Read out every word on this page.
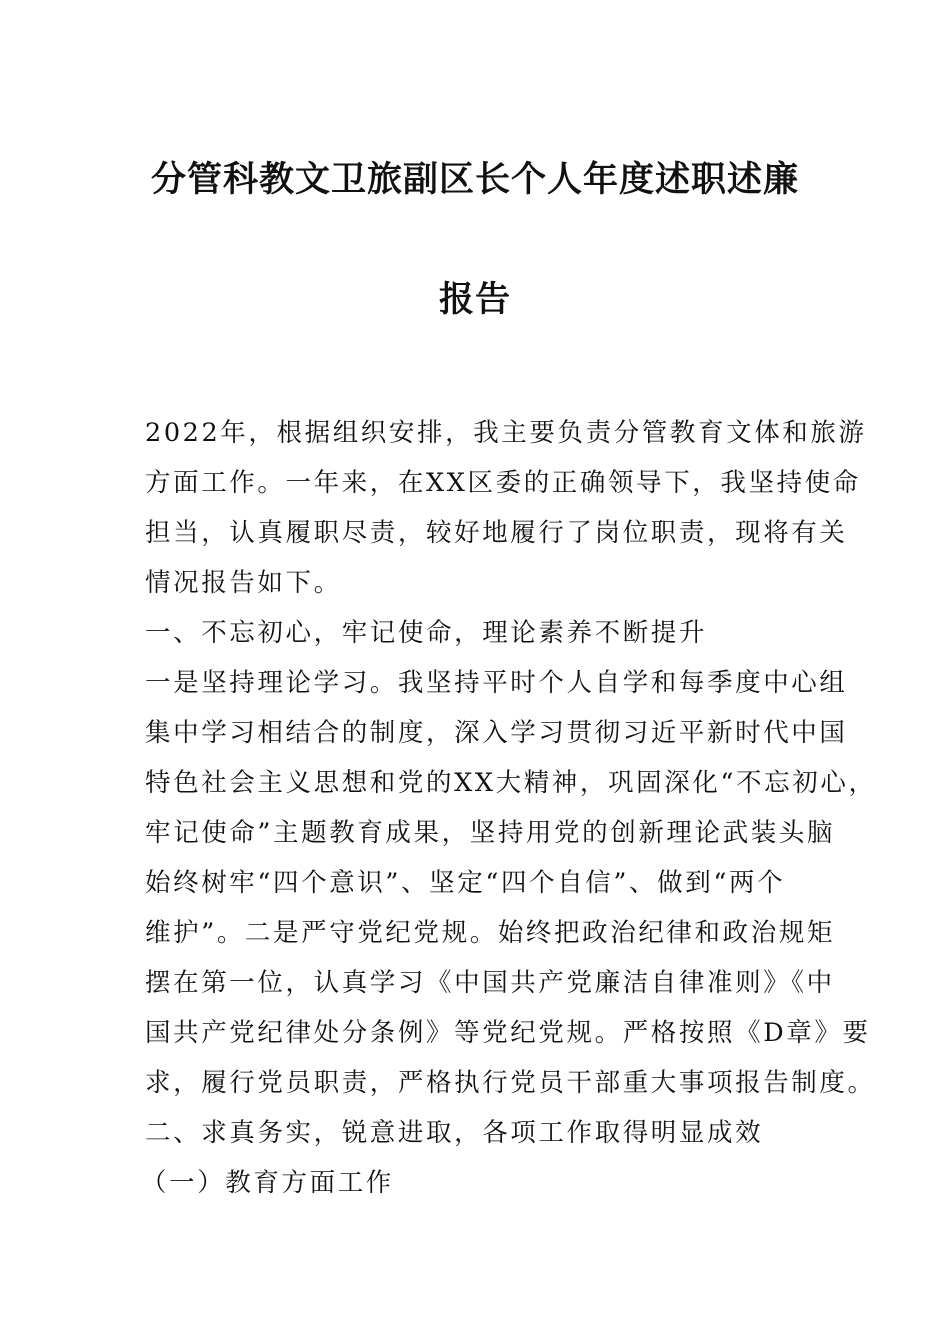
分管科教文卫旅副区长个人年度述职述廉
报告
2022年，根据组织安排，我主要负责分管教育文体和旅游
方面工作。一年来，在XX区委的正确领导下，我坚持使命
担当，认真履职尽责，较好地履行了岗位职责，现将有关
情况报告如下。
一、不忘初心，牢记使命，理论素养不断提升
一是坚持理论学习。我坚持平时个人自学和每季度中心组
集中学习相结合的制度，深入学习贯彻习近平新时代中国
特色社会主义思想和党的XX大精神，巩固深化“不忘初心，
牢记使命”主题教育成果，坚持用党的创新理论武装头脑
始终树牢“四个意识”、坚定“四个自信”、做到“两个
维护”。二是严守党纪党规。始终把政治纪律和政治规矩
摆在第一位，认真学习《中国共产党廉洁自律准则》《中
国共产党纪律处分条例》等党纪党规。严格按照《D章》要
求，履行党员职责，严格执行党员干部重大事项报告制度。
二、求真务实，锐意进取，各项工作取得明显成效
（一）教育方面工作
